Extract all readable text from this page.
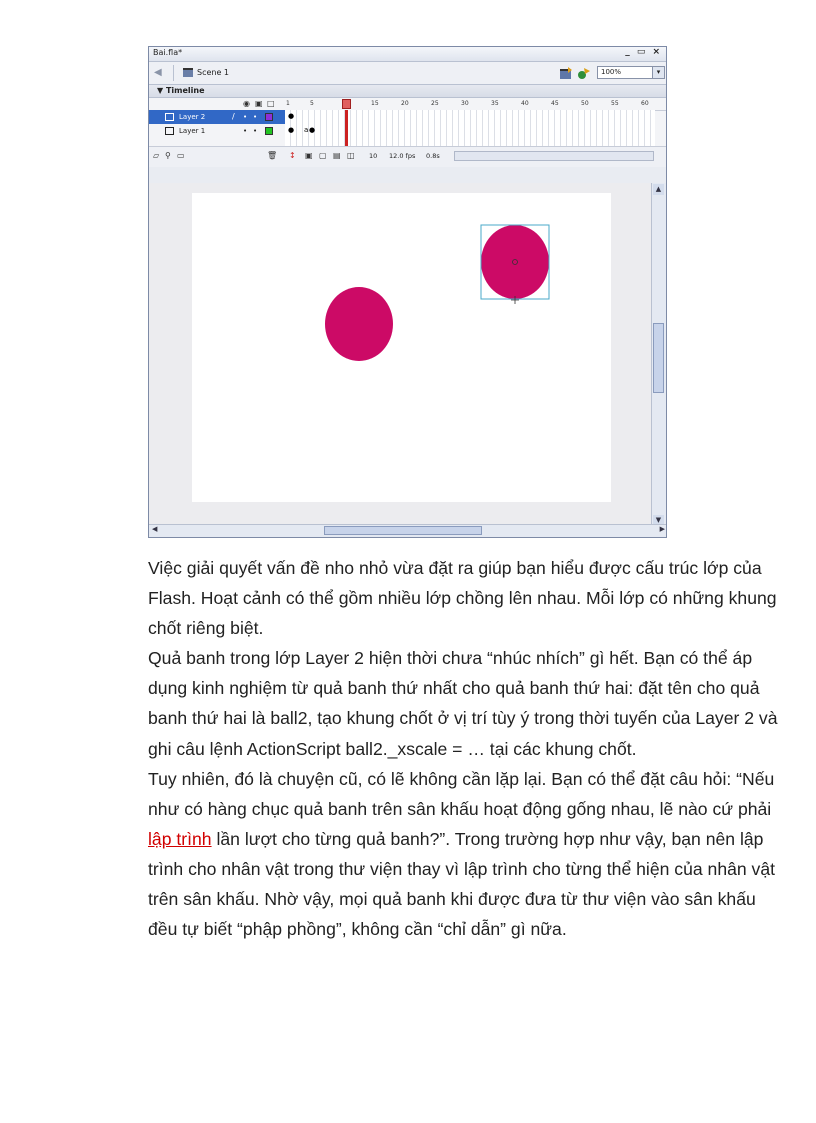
Bai.fla*	_ ▭ ×
◀	Scene 1	100%	▾
▼ Timeline
◉ ▣ □ 1	5	15	20	25	30	35	40	45	50	55	60
Layer 2	/ • •
Layer 1	• •
●
● a ●
▱ ⚲ ▭	🗑 ↕ ▣ ▢ ▤ ◫ 10 12.0 fps 0.8s
▲
▼
◀	▶

Việc giải quyết vấn đề nho nhỏ vừa đặt ra giúp bạn hiểu được cấu trúc lớp của Flash. Hoạt cảnh có thể gồm nhiều lớp chồng lên nhau. Mỗi lớp có những khung chốt riêng biệt.

Quả banh trong lớp Layer 2 hiện thời chưa “nhúc nhích” gì hết. Bạn có thể áp dụng kinh nghiệm từ quả banh thứ nhất cho quả banh thứ hai: đặt tên cho quả banh thứ hai là ball2, tạo khung chốt ở vị trí tùy ý trong thời tuyến của Layer 2 và ghi câu lệnh ActionScript ball2._xscale = … tại các khung chốt.

Tuy nhiên, đó là chuyện cũ, có lẽ không cần lặp lại. Bạn có thể đặt câu hỏi: “Nếu như có hàng chục quả banh trên sân khấu hoạt động gống nhau, lẽ nào cứ phải lập trình lần lượt cho từng quả banh?”. Trong trường hợp như vậy, bạn nên lập trình cho nhân vật trong thư viện thay vì lập trình cho từng thể hiện của nhân vật trên sân khấu. Nhờ vậy, mọi quả banh khi được đưa từ thư viện vào sân khấu đều tự biết “phập phồng”, không cần “chỉ dẫn” gì nữa.
